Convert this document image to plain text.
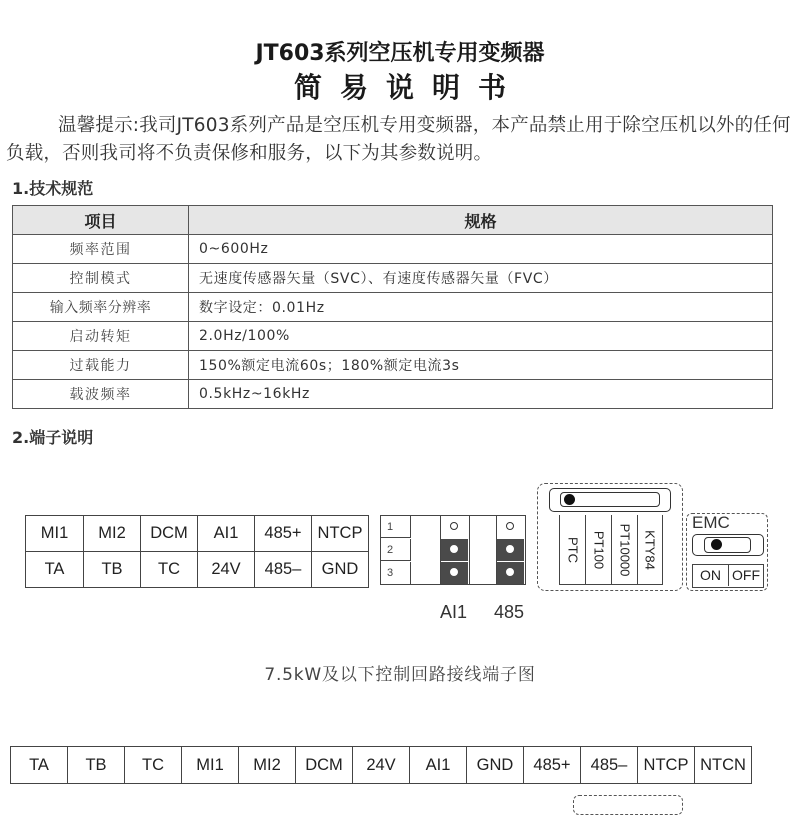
JT603系列空压机专用变频器
简易说明书
温馨提示:我司JT603系列产品是空压机专用变频器，本产品禁止用于除空压机以外的任何负载，否则我司将不负责保修和服务，以下为其参数说明。
1.技术规范
项目	规格
频率范围	0~600Hz
控制模式	无速度传感器矢量（SVC）、有速度传感器矢量（FVC）
输入频率分辨率	数字设定：0.01Hz
启动转矩	2.0Hz/100%
过载能力	150%额定电流60s；180%额定电流3s
载波频率	0.5kHz~16kHz
2.端子说明
MI1	MI2	DCM	AI1	485+	NTCP
TA	TB	TC	24V	485–	GND
1
2
3
AI1 485
PTC PT100 PT10000 KTY84
EMC
ON OFF
7.5kW及以下控制回路接线端子图
TA	TB	TC	MI1	MI2	DCM	24V	AI1	GND	485+	485–	NTCP	NTCN
